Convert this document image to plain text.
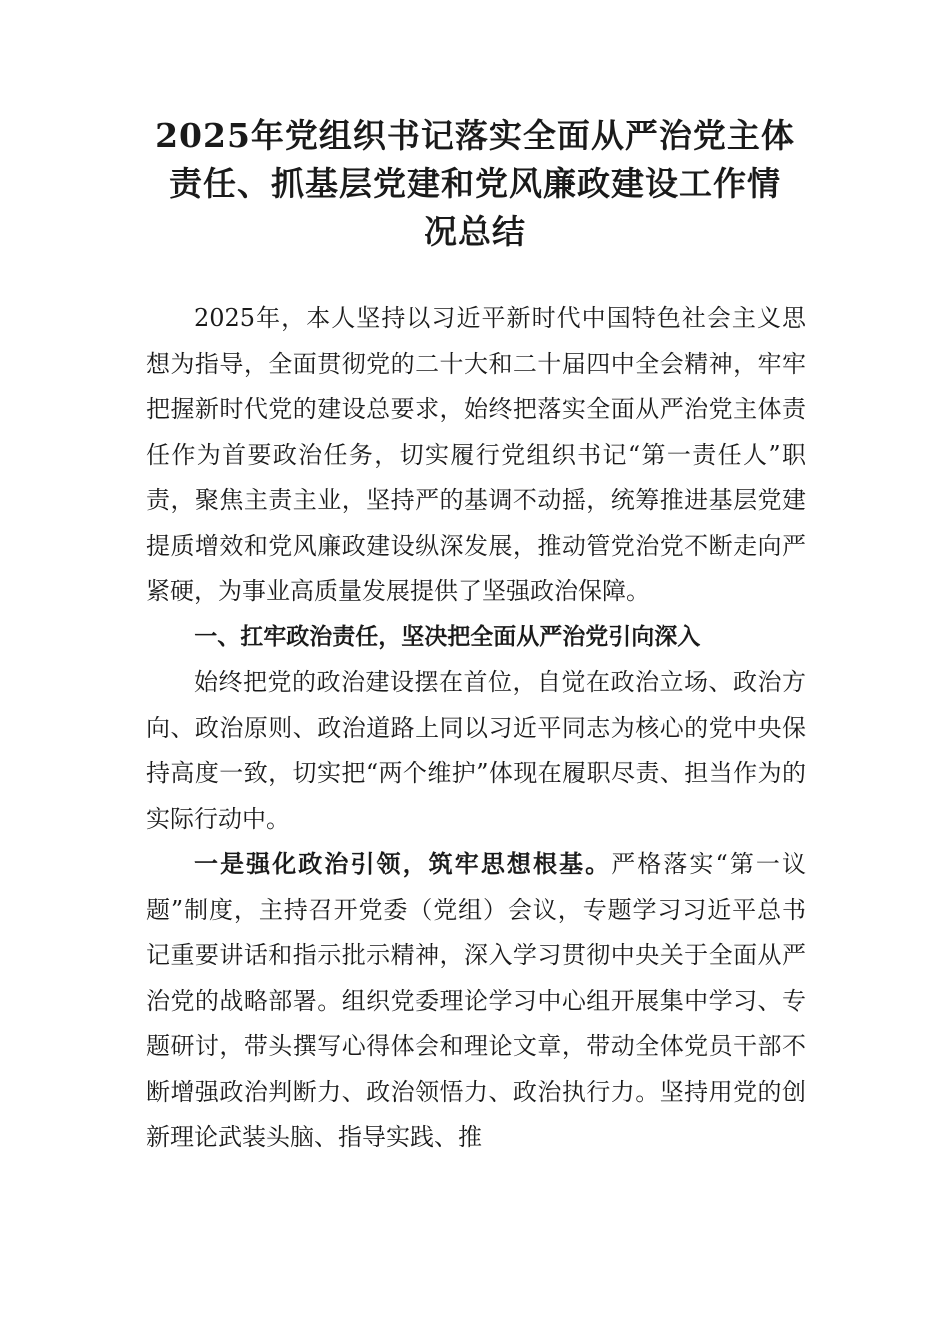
2025年党组织书记落实全面从严治党主体
责任、抓基层党建和党风廉政建设工作情
况总结

2025年，本人坚持以习近平新时代中国特色社会主义思想为指导，全面贯彻党的二十大和二十届四中全会精神，牢牢把握新时代党的建设总要求，始终把落实全面从严治党主体责任作为首要政治任务，切实履行党组织书记“第一责任人”职责，聚焦主责主业，坚持严的基调不动摇，统筹推进基层党建提质增效和党风廉政建设纵深发展，推动管党治党不断走向严紧硬，为事业高质量发展提供了坚强政治保障。

一、扛牢政治责任，坚决把全面从严治党引向深入

始终把党的政治建设摆在首位，自觉在政治立场、政治方向、政治原则、政治道路上同以习近平同志为核心的党中央保持高度一致，切实把“两个维护”体现在履职尽责、担当作为的实际行动中。

一是强化政治引领，筑牢思想根基。严格落实“第一议题”制度，主持召开党委（党组）会议，专题学习习近平总书记重要讲话和指示批示精神，深入学习贯彻中央关于全面从严治党的战略部署。组织党委理论学习中心组开展集中学习、专题研讨，带头撰写心得体会和理论文章，带动全体党员干部不断增强政治判断力、政治领悟力、政治执行力。坚持用党的创新理论武装头脑、指导实践、推
